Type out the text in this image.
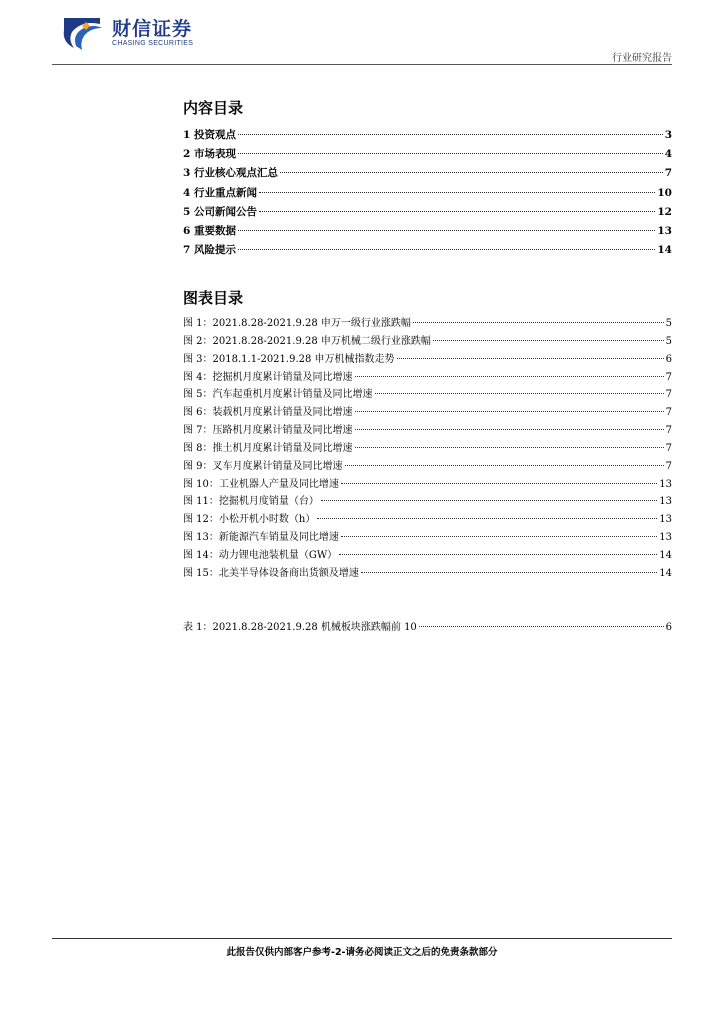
财信证券
CHASING SECURITIES
行业研究报告
内容目录
1 投资观点	3
2 市场表现	4
3 行业核心观点汇总	7
4 行业重点新闻	10
5 公司新闻公告	12
6 重要数据	13
7 风险提示	14
图表目录
图 1：2021.8.28-2021.9.28 申万一级行业涨跌幅	5
图 2：2021.8.28-2021.9.28 申万机械二级行业涨跌幅	5
图 3：2018.1.1-2021.9.28 申万机械指数走势	6
图 4：挖掘机月度累计销量及同比增速	7
图 5：汽车起重机月度累计销量及同比增速	7
图 6：装载机月度累计销量及同比增速	7
图 7：压路机月度累计销量及同比增速	7
图 8：推土机月度累计销量及同比增速	7
图 9：叉车月度累计销量及同比增速	7
图 10：工业机器人产量及同比增速	13
图 11：挖掘机月度销量（台）	13
图 12：小松开机小时数（h）	13
图 13：新能源汽车销量及同比增速	13
图 14：动力锂电池装机量（GW）	14
图 15：北美半导体设备商出货额及增速	14
表 1：2021.8.28-2021.9.28 机械板块涨跌幅前 10	6
此报告仅供内部客户参考-2-请务必阅读正文之后的免责条款部分
